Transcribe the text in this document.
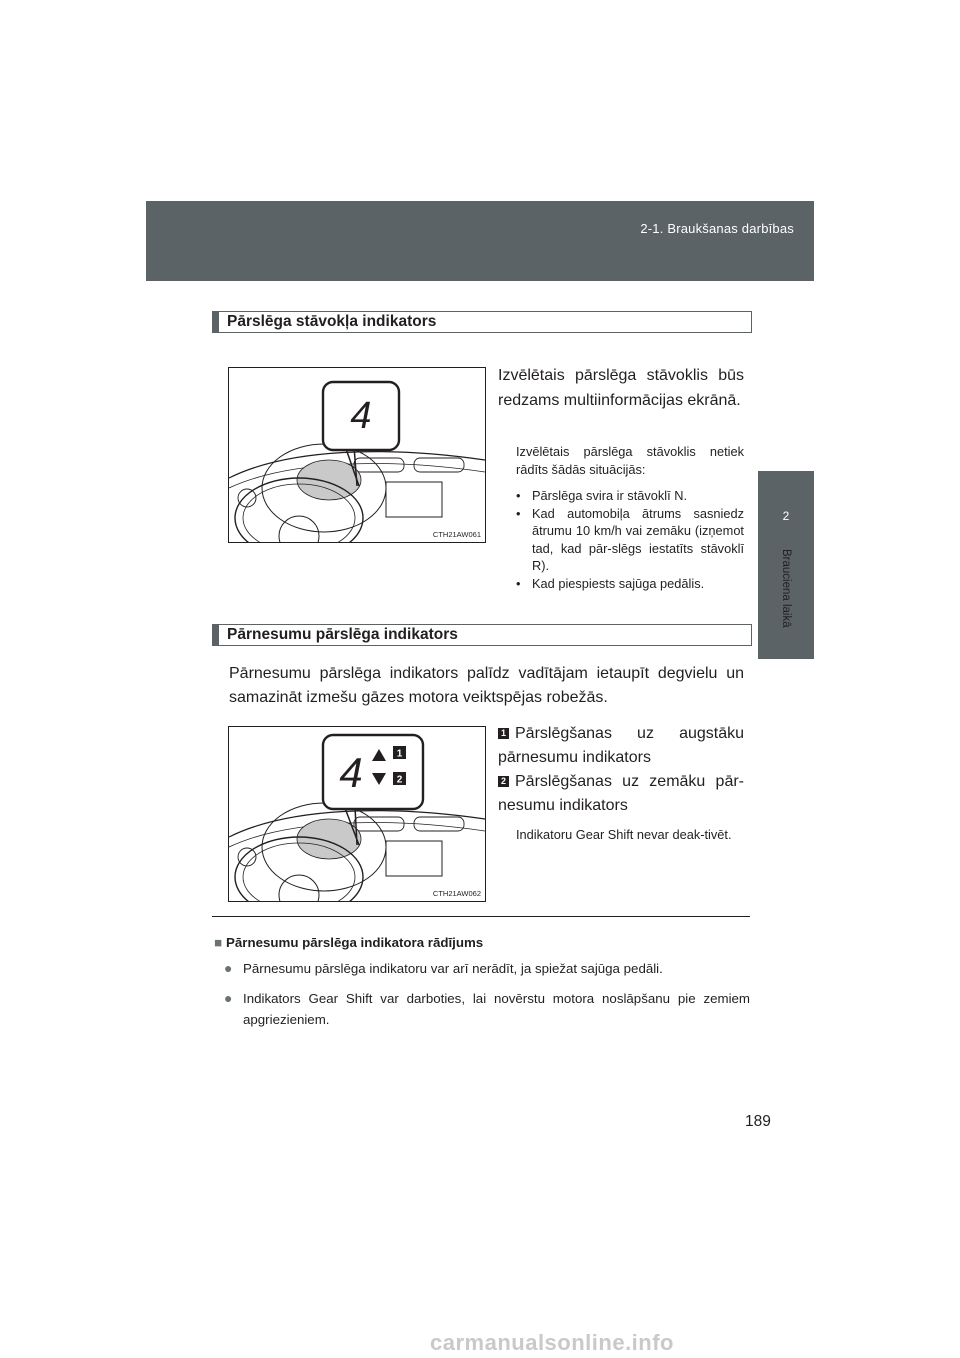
2-1. Braukšanas darbības
2
Braucienа laikā
Pārslēga stāvokļa indikators
4
CTH21AW061
Izvēlētais pārslēga stāvoklis būs redzams multiinformācijas ekrānā.
Izvēlētais pārslēga stāvoklis netiek rādīts šādās situācijās:
• Pārslēga svira ir stāvoklī N.
• Kad automobiļa ātrums sasniedz ātrumu 10 km/h vai zemāku (izņemot tad, kad pār-slēgs iestatīts stāvoklī R).
• Kad piespiests sajūga pedālis.
Pārnesumu pārslēga indikators
Pārnesumu pārslēga indikators palīdz vadītājam ietaupīt degvielu un samazināt izmešu gāzes motora veiktspējas robežās.
4	1
2
CTH21AW062
1 Pārslēgšanas uz augstāku pārnesumu indikators
2 Pārslēgšanas uz zemāku pār-nesumu indikators
Indikatoru Gear Shift nevar deak-tivēt.
■ Pārnesumu pārslēga indikatora rādījums
● Pārnesumu pārslēga indikatoru var arī nerādīt, ja spiežat sajūga pedāli.
● Indikators Gear Shift var darboties, lai novērstu motora noslāpšanu pie zemiem apgriezieniem.
189
carmanualsonline.info
